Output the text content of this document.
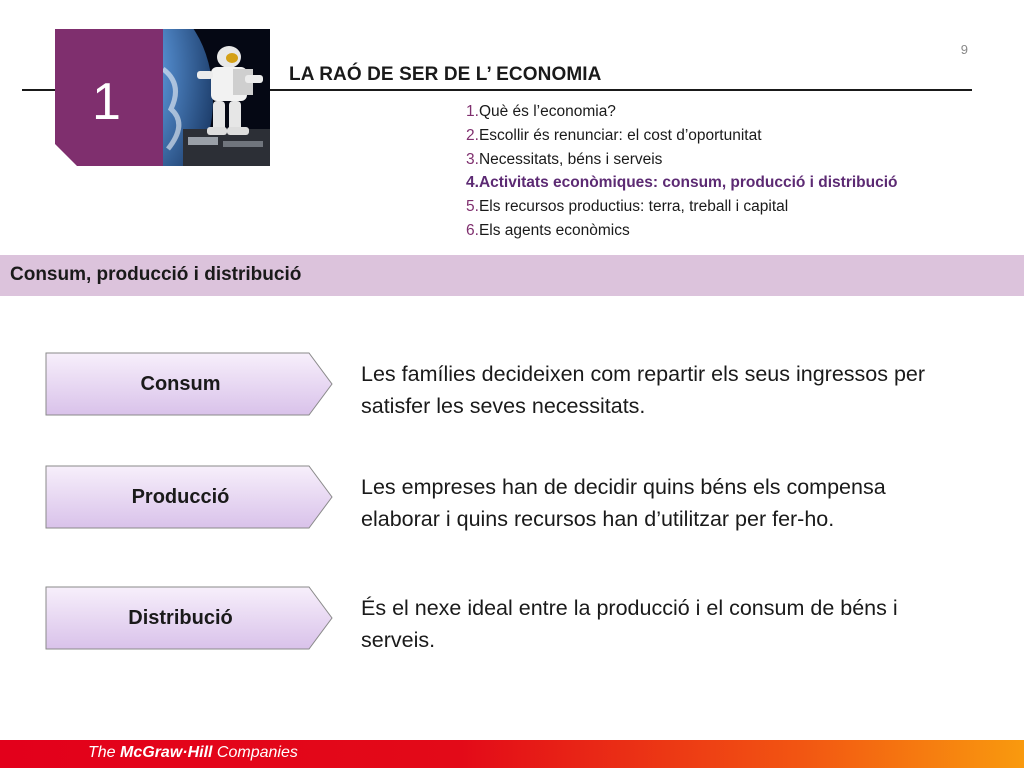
9
1	LA RAÓ DE SER DE L’ ECONOMIA
1.Què és l’economia?
2.Escollir és renunciar: el cost d’oportunitat
3.Necessitats, béns i serveis
4.Activitats econòmiques: consum, producció i distribució
5.Els recursos productius: terra, treball i capital
6.Els agents econòmics
Consum, producció i distribució
Consum	Les famílies decideixen com repartir els seus ingressos per satisfer les seves necessitats.
Producció	Les empreses han de decidir quins béns els compensa elaborar i quins recursos han d’utilitzar per fer-ho.
Distribució	És el nexe ideal entre la producció i el consum de béns i serveis.
The McGraw·Hill Companies
